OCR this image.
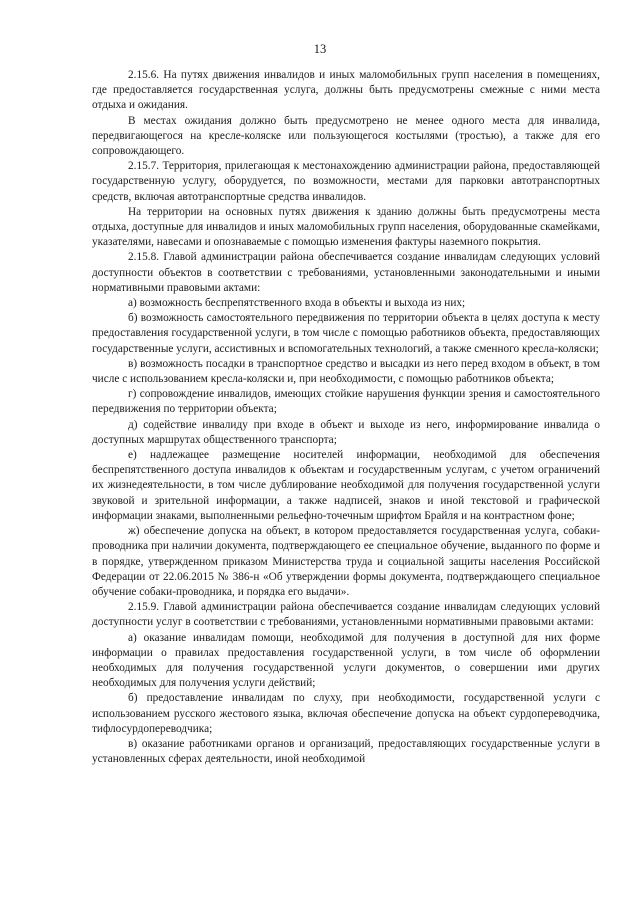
13

2.15.6. На путях движения инвалидов и иных маломобильных групп населения в помещениях, где предоставляется государственная услуга, должны быть предусмотрены смежные с ними места отдыха и ожидания.

В местах ожидания должно быть предусмотрено не менее одного места для инвалида, передвигающегося на кресле-коляске или пользующегося костылями (тростью), а также для его сопровождающего.

2.15.7. Территория, прилегающая к местонахождению администрации района, предоставляющей государственную услугу, оборудуется, по возможности, местами для парковки автотранспортных средств, включая автотранспортные средства инвалидов.

На территории на основных путях движения к зданию должны быть предусмотрены места отдыха, доступные для инвалидов и иных маломобильных групп населения, оборудованные скамейками, указателями, навесами и опознаваемые с помощью изменения фактуры наземного покрытия.

2.15.8. Главой администрации района обеспечивается создание инвалидам следующих условий доступности объектов в соответствии с требованиями, установленными законодательными и иными нормативными правовыми актами:

а) возможность беспрепятственного входа в объекты и выхода из них;

б) возможность самостоятельного передвижения по территории объекта в целях доступа к месту предоставления государственной услуги, в том числе с помощью работников объекта, предоставляющих государственные услуги, ассистивных и вспомогательных технологий, а также сменного кресла-коляски;

в) возможность посадки в транспортное средство и высадки из него перед входом в объект, в том числе с использованием кресла-коляски и, при необходимости, с помощью работников объекта;

г) сопровождение инвалидов, имеющих стойкие нарушения функции зрения и самостоятельного передвижения по территории объекта;

д) содействие инвалиду при входе в объект и выходе из него, информирование инвалида о доступных маршрутах общественного транспорта;

е) надлежащее размещение носителей информации, необходимой для обеспечения беспрепятственного доступа инвалидов к объектам и государственным услугам, с учетом ограничений их жизнедеятельности, в том числе дублирование необходимой для получения государственной услуги звуковой и зрительной информации, а также надписей, знаков и иной текстовой и графической информации знаками, выполненными рельефно-точечным шрифтом Брайля и на контрастном фоне;

ж) обеспечение допуска на объект, в котором предоставляется государственная услуга, собаки-проводника при наличии документа, подтверждающего ее специальное обучение, выданного по форме и в порядке, утвержденном приказом Министерства труда и социальной защиты населения Российской Федерации от 22.06.2015 № 386-н «Об утверждении формы документа, подтверждающего специальное обучение собаки-проводника, и порядка его выдачи».

2.15.9. Главой администрации района обеспечивается создание инвалидам следующих условий доступности услуг в соответствии с требованиями, установленными нормативными правовыми актами:

а) оказание инвалидам помощи, необходимой для получения в доступной для них форме информации о правилах предоставления государственной услуги, в том числе об оформлении необходимых для получения государственной услуги документов, о совершении ими других необходимых для получения услуги действий;

б) предоставление инвалидам по слуху, при необходимости, государственной услуги с использованием русского жестового языка, включая обеспечение допуска на объект сурдопереводчика, тифлосурдопереводчика;

в) оказание работниками органов и организаций, предоставляющих государственные услуги в установленных сферах деятельности, иной необходимой
